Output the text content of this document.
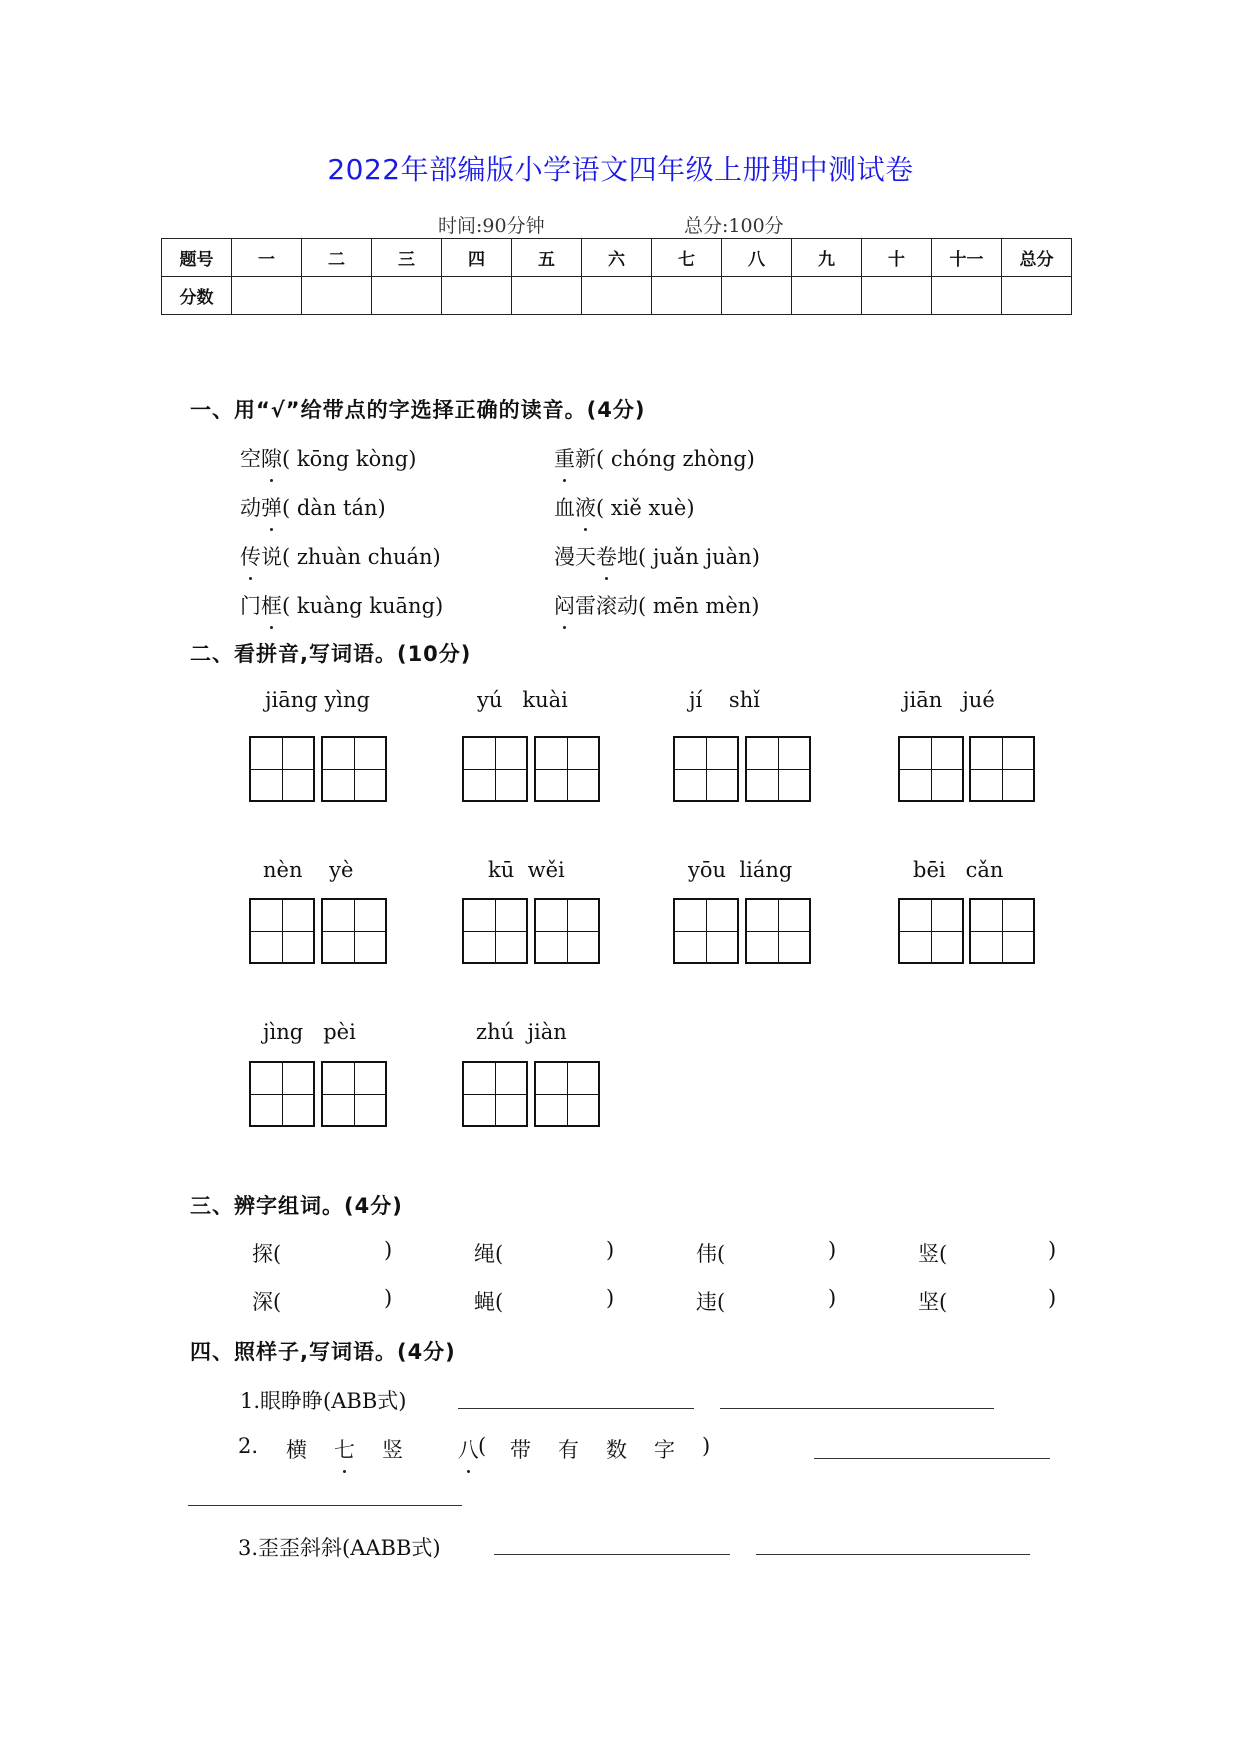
2022年部编版小学语文四年级上册期中测试卷
时间:90分钟	总分:100分
题号	一	二	三	四	五	六	七	八	九	十	十一	总分
分数												
一、用“√”给带点的字选择正确的读音。(4分)
空隙( kōng kòng)	重新( chóng zhòng)
动弹( dàn tán)	血液( xiě xuè)
传说( zhuàn chuán)	漫天卷地( juǎn juàn)
门框( kuàng kuāng)	闷雷滚动( mēn mèn)
二、看拼音,写词语。(10分)
jiāng yìng	yú   kuài	jí    shǐ	jiān   jué
nèn    yè	kū  wěi	yōu  liáng	bēi   cǎn
jìng   pèi	zhú  jiàn
三、辨字组词。(4分)
探(	)	绳(	)	伟(	)	竖(	)
深(	)	蝇(	)	违(	)	坚(	)
四、照样子,写词语。(4分)
1.眼睁睁(ABB式)
2. 横 七 竖	八 ( 带 有 数 字 )
3.歪歪斜斜(AABB式)
